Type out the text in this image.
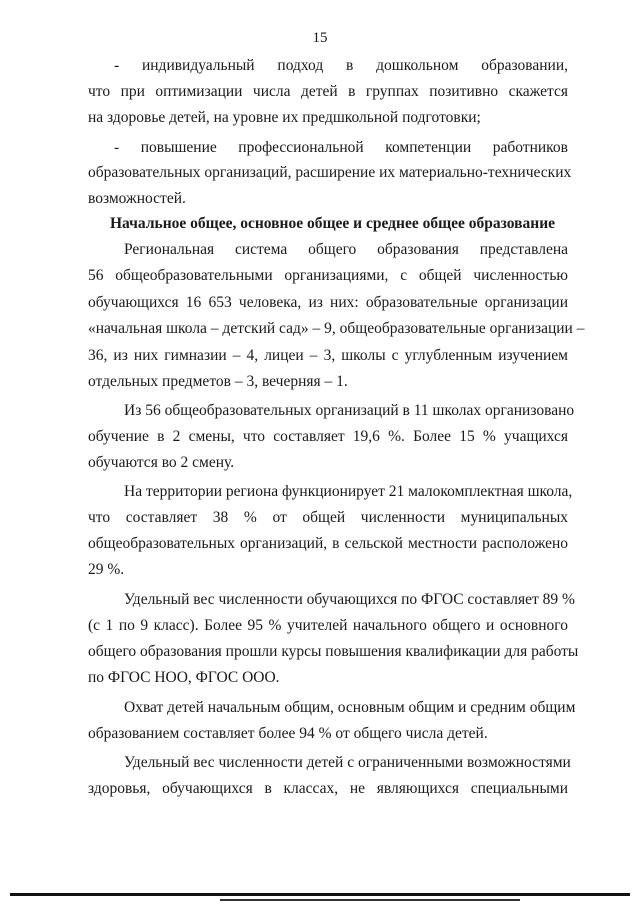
15
- индивидуальный подход в дошкольном образовании,
что при оптимизации числа детей в группах позитивно скажется
на здоровье детей, на уровне их предшкольной подготовки;
- повышение профессиональной компетенции работников
образовательных организаций, расширение их материально-технических
возможностей.
Начальное общее, основное общее и среднее общее образование
Региональная система общего образования представлена
56 общеобразовательными организациями, с общей численностью
обучающихся 16 653 человека, из них: образовательные организации
«начальная школа – детский сад» – 9, общеобразовательные организации –
36, из них гимназии – 4, лицеи – 3, школы с углубленным изучением
отдельных предметов – 3, вечерняя – 1.
Из 56 общеобразовательных организаций в 11 школах организовано
обучение в 2 смены, что составляет 19,6 %. Более 15 % учащихся
обучаются во 2 смену.
На территории региона функционирует 21 малокомплектная школа,
что составляет 38 % от общей численности муниципальных
общеобразовательных организаций, в сельской местности расположено
29 %.
Удельный вес численности обучающихся по ФГОС составляет 89 %
(с 1 по 9 класс). Более 95 % учителей начального общего и основного
общего образования прошли курсы повышения квалификации для работы
по ФГОС НОО, ФГОС ООО.
Охват детей начальным общим, основным общим и средним общим
образованием составляет более 94 % от общего числа детей.
Удельный вес численности детей с ограниченными возможностями
здоровья, обучающихся в классах, не являющихся специальными
